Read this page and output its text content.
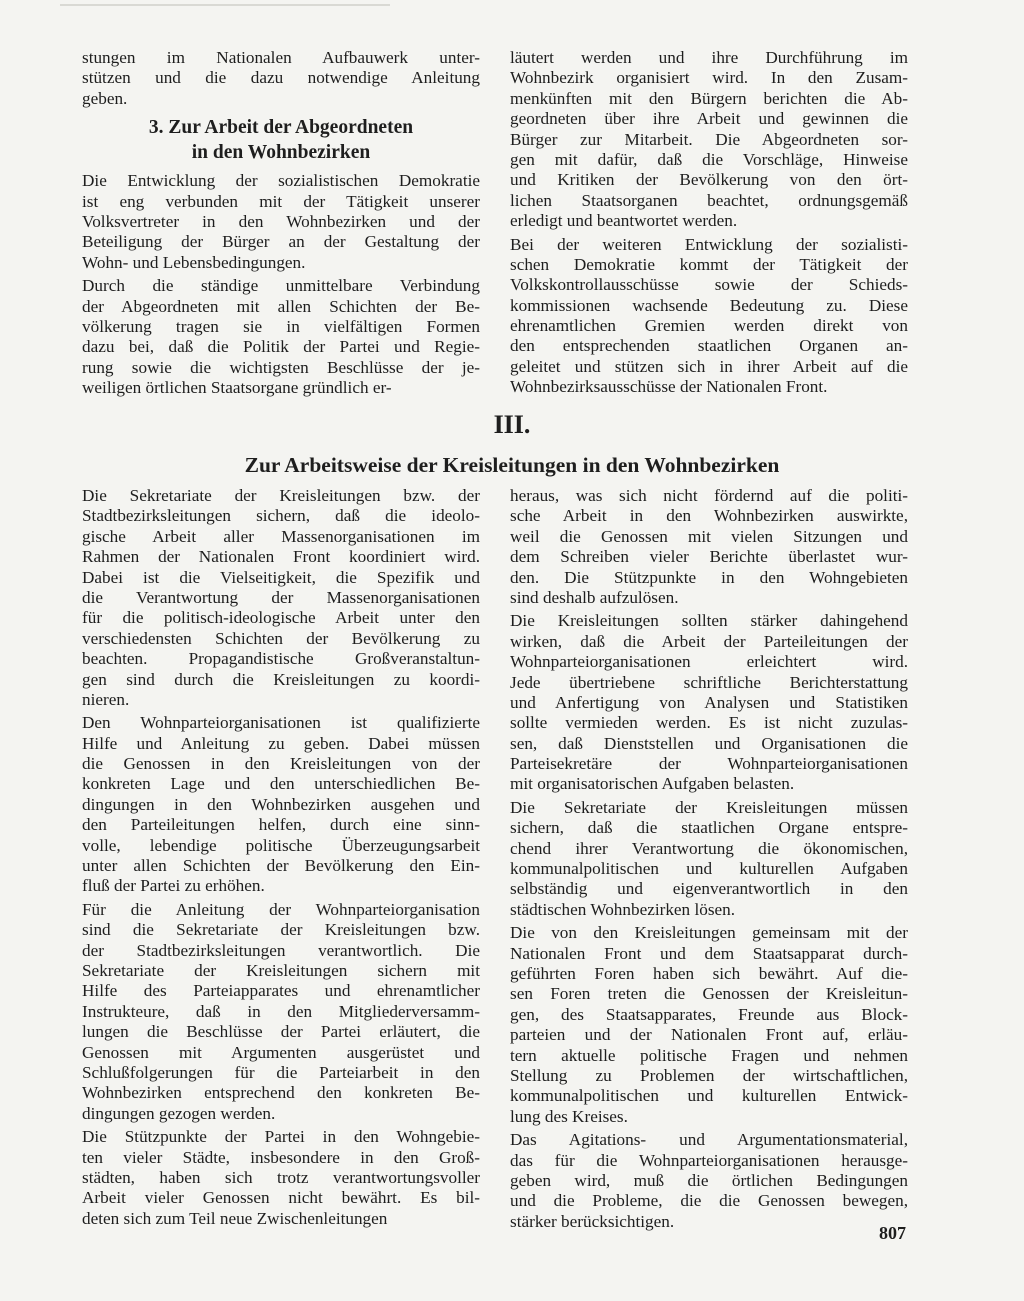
stungen im Nationalen Aufbauwerk unter-
stützen und die dazu notwendige Anleitung
geben.
3. Zur Arbeit der Abgeordneten
in den Wohnbezirken
Die Entwicklung der sozialistischen Demokratie
ist eng verbunden mit der Tätigkeit unserer
Volksvertreter in den Wohnbezirken und der
Beteiligung der Bürger an der Gestaltung der
Wohn- und Lebensbedingungen.
Durch die ständige unmittelbare Verbindung
der Abgeordneten mit allen Schichten der Be-
völkerung tragen sie in vielfältigen Formen
dazu bei, daß die Politik der Partei und Regie-
rung sowie die wichtigsten Beschlüsse der je-
weiligen örtlichen Staatsorgane gründlich er-
läutert werden und ihre Durchführung im
Wohnbezirk organisiert wird. In den Zusam-
menkünften mit den Bürgern berichten die Ab-
geordneten über ihre Arbeit und gewinnen die
Bürger zur Mitarbeit. Die Abgeordneten sor-
gen mit dafür, daß die Vorschläge, Hinweise
und Kritiken der Bevölkerung von den ört-
lichen Staatsorganen beachtet, ordnungsgemäß
erledigt und beantwortet werden.
Bei der weiteren Entwicklung der sozialisti-
schen Demokratie kommt der Tätigkeit der
Volkskontrollausschüsse sowie der Schieds-
kommissionen wachsende Bedeutung zu. Diese
ehrenamtlichen Gremien werden direkt von
den entsprechenden staatlichen Organen an-
geleitet und stützen sich in ihrer Arbeit auf die
Wohnbezirksausschüsse der Nationalen Front.
III.
Zur Arbeitsweise der Kreisleitungen in den Wohnbezirken
Die Sekretariate der Kreisleitungen bzw. der
Stadtbezirksleitungen sichern, daß die ideolo-
gische Arbeit aller Massenorganisationen im
Rahmen der Nationalen Front koordiniert wird.
Dabei ist die Vielseitigkeit, die Spezifik und
die Verantwortung der Massenorganisationen
für die politisch-ideologische Arbeit unter den
verschiedensten Schichten der Bevölkerung zu
beachten. Propagandistische Großveranstaltun-
gen sind durch die Kreisleitungen zu koordi-
nieren.
Den Wohnparteiorganisationen ist qualifizierte
Hilfe und Anleitung zu geben. Dabei müssen
die Genossen in den Kreisleitungen von der
konkreten Lage und den unterschiedlichen Be-
dingungen in den Wohnbezirken ausgehen und
den Parteileitungen helfen, durch eine sinn-
volle, lebendige politische Überzeugungsarbeit
unter allen Schichten der Bevölkerung den Ein-
fluß der Partei zu erhöhen.
Für die Anleitung der Wohnparteiorganisation
sind die Sekretariate der Kreisleitungen bzw.
der Stadtbezirksleitungen verantwortlich. Die
Sekretariate der Kreisleitungen sichern mit
Hilfe des Parteiapparates und ehrenamtlicher
Instrukteure, daß in den Mitgliederversamm-
lungen die Beschlüsse der Partei erläutert, die
Genossen mit Argumenten ausgerüstet und
Schlußfolgerungen für die Parteiarbeit in den
Wohnbezirken entsprechend den konkreten Be-
dingungen gezogen werden.
Die Stützpunkte der Partei in den Wohngebie-
ten vieler Städte, insbesondere in den Groß-
städten, haben sich trotz verantwortungsvoller
Arbeit vieler Genossen nicht bewährt. Es bil-
deten sich zum Teil neue Zwischenleitungen
heraus, was sich nicht fördernd auf die politi-
sche Arbeit in den Wohnbezirken auswirkte,
weil die Genossen mit vielen Sitzungen und
dem Schreiben vieler Berichte überlastet wur-
den. Die Stützpunkte in den Wohngebieten
sind deshalb aufzulösen.
Die Kreisleitungen sollten stärker dahingehend
wirken, daß die Arbeit der Parteileitungen der
Wohnparteiorganisationen erleichtert wird.
Jede übertriebene schriftliche Berichterstattung
und Anfertigung von Analysen und Statistiken
sollte vermieden werden. Es ist nicht zuzulas-
sen, daß Dienststellen und Organisationen die
Parteisekretäre der Wohnparteiorganisationen
mit organisatorischen Aufgaben belasten.
Die Sekretariate der Kreisleitungen müssen
sichern, daß die staatlichen Organe entspre-
chend ihrer Verantwortung die ökonomischen,
kommunalpolitischen und kulturellen Aufgaben
selbständig und eigenverantwortlich in den
städtischen Wohnbezirken lösen.
Die von den Kreisleitungen gemeinsam mit der
Nationalen Front und dem Staatsapparat durch-
geführten Foren haben sich bewährt. Auf die-
sen Foren treten die Genossen der Kreisleitun-
gen, des Staatsapparates, Freunde aus Block-
parteien und der Nationalen Front auf, erläu-
tern aktuelle politische Fragen und nehmen
Stellung zu Problemen der wirtschaftlichen,
kommunalpolitischen und kulturellen Entwick-
lung des Kreises.
Das Agitations- und Argumentationsmaterial,
das für die Wohnparteiorganisationen herausge-
geben wird, muß die örtlichen Bedingungen
und die Probleme, die die Genossen bewegen,
stärker berücksichtigen.
807
